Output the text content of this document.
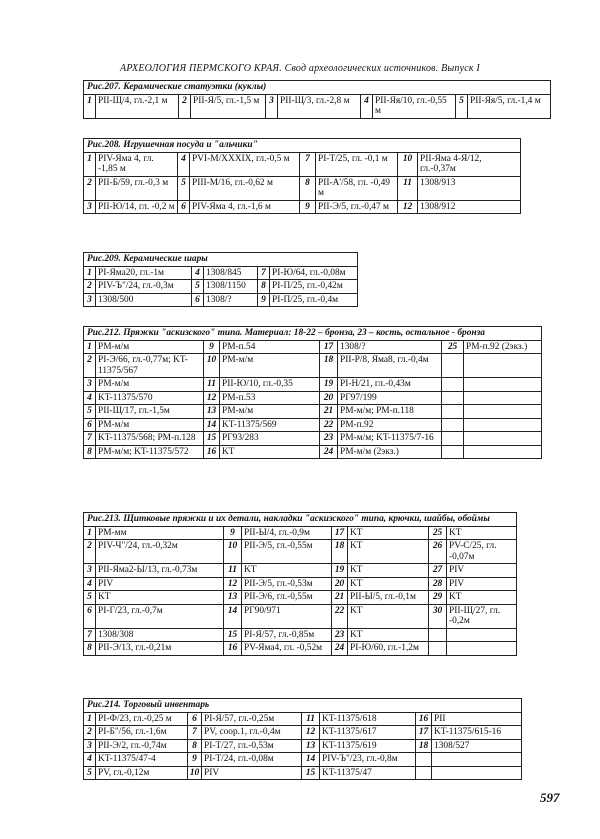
АРХЕОЛОГИЯ ПЕРМСКОГО КРАЯ. Свод археологических источников. Выпуск I
Рис.207. Керамические статуэтки (куклы)
1	PII-Щ/4, гл.-2,1 м	2	PII-Я/5, гл.-1,5 м	3	PII-Щ/3, гл.-2,8 м	4	PII-Яя/10, гл.-0,55 м	5	PII-Яя/5, гл.-1,4 м
Рис.208. Игрушечная посуда и "альчики"							
1	PIV-Яма 4, гл. -1,85 м	4	PVI-M/XXXIX, гл.-0,5 м	7	PI-T/25, гл. -0,1 м	10	PII-Яма 4-Я/12, гл.-0,37м
2	PII-Б/59, гл.-0,3 м	5	PIII-M/16, гл.-0,62 м	8	PII-A'/58, гл. -0,49 м	11	1308/913
3	PII-Ю/14, гл. -0,2 м	6	PIV-Яма 4, гл.-1,6 м	9	PII-Э/5, гл.-0,47 м	12	1308/912
Рис.209. Керамические шары					
1	PI-Яма20, гл.-1м	4	1308/845	7	PI-Ю/64, гл.-0,08м
2	PIV-Ъ"/24, гл.-0,3м	5	1308/1150	8	PI-П/25, гл.-0,42м
3	1308/500	6	1308/?	9	PI-П/25, гл.-0,4м
Рис.212. Пряжки "аскизского" типа. Материал: 18-22 – бронза, 23 – кость, остальное - бронза							
1	PM-м/м	9	PM-п.54	17	1308/?	25	PM-п.92 (2экз.)
2	PI-Э/66, гл.-0,77м; KT-11375/567	10	PM-м/м	18	PII-P/8, Яма8, гл.-0,4м		
3	PM-м/м	11	PII-Ю/10, гл.-0,35	19	PI-H/21, гл.-0,43м		
4	KT-11375/570	12	PM-п.53	20	PГ97/199		
5	PII-Щ/17, гл.-1,5м	13	PM-м/м	21	PM-м/м; PM-п.118		
6	PM-м/м	14	KT-11375/569	22	PM-п.92		
7	KT-11375/568; PM-п.128	15	PГ93/283	23	PM-м/м; KT-11375/7-16		
8	PM-м/м; KT-11375/572	16	KT	24	PM-м/м (2экз.)		
Рис.213. Щитковые пряжки и их детали, накладки "аскизского" типа, крючки, шайбы, обоймы							
1	PM-мм	9	PII-Ы/4, гл.-0,9м	17	KT	25	KT
2	PIV-Ч"/24, гл.-0,32м	10	PII-Э/5, гл.-0,55м	18	KT	26	PV-C/25, гл. -0,07м
3	PII-Яма2-Ы/13, гл.-0,73м	11	KT	19	KT	27	PIV
4	PIV	12	PII-Э/5, гл.-0,53м	20	KT	28	PIV
5	KT	13	PII-Э/6, гл.-0,55м	21	PII-Ы/5, гл.-0,1м	29	KT
6	PI-Г/23, гл.-0,7м	14	PГ90/971	22	KT	30	PII-Щ/27, гл. -0,2м
7	1308/308	15	PI-Я/57, гл.-0,85м	23	KT		
8	PII-Э/13, гл.-0,21м	16	PV-Яма4, гл. -0,52м	24	PI-Ю/60, гл.-1,2м		
Рис.214. Торговый инвентарь							
1	PI-Ф/23, гл.-0,25 м	6	PI-Я/57, гл.-0,25м	11	KT-11375/618	16	PII
2	PI-Б"/56, гл.-1,6м	7	PV, соор.1, гл.-0,4м	12	KT-11375/617	17	KT-11375/615-16
3	PII-Э/2, гл.-0,74м	8	PI-T/27, гл.-0,53м	13	KT-11375/619	18	1308/527
4	KT-11375/47-4	9	PI-T/24, гл.-0,08м	14	PIV-Ъ"/23, гл.-0,8м		
5	PV, гл.-0,12м	10	PIV	15	KT-11375/47		
597
